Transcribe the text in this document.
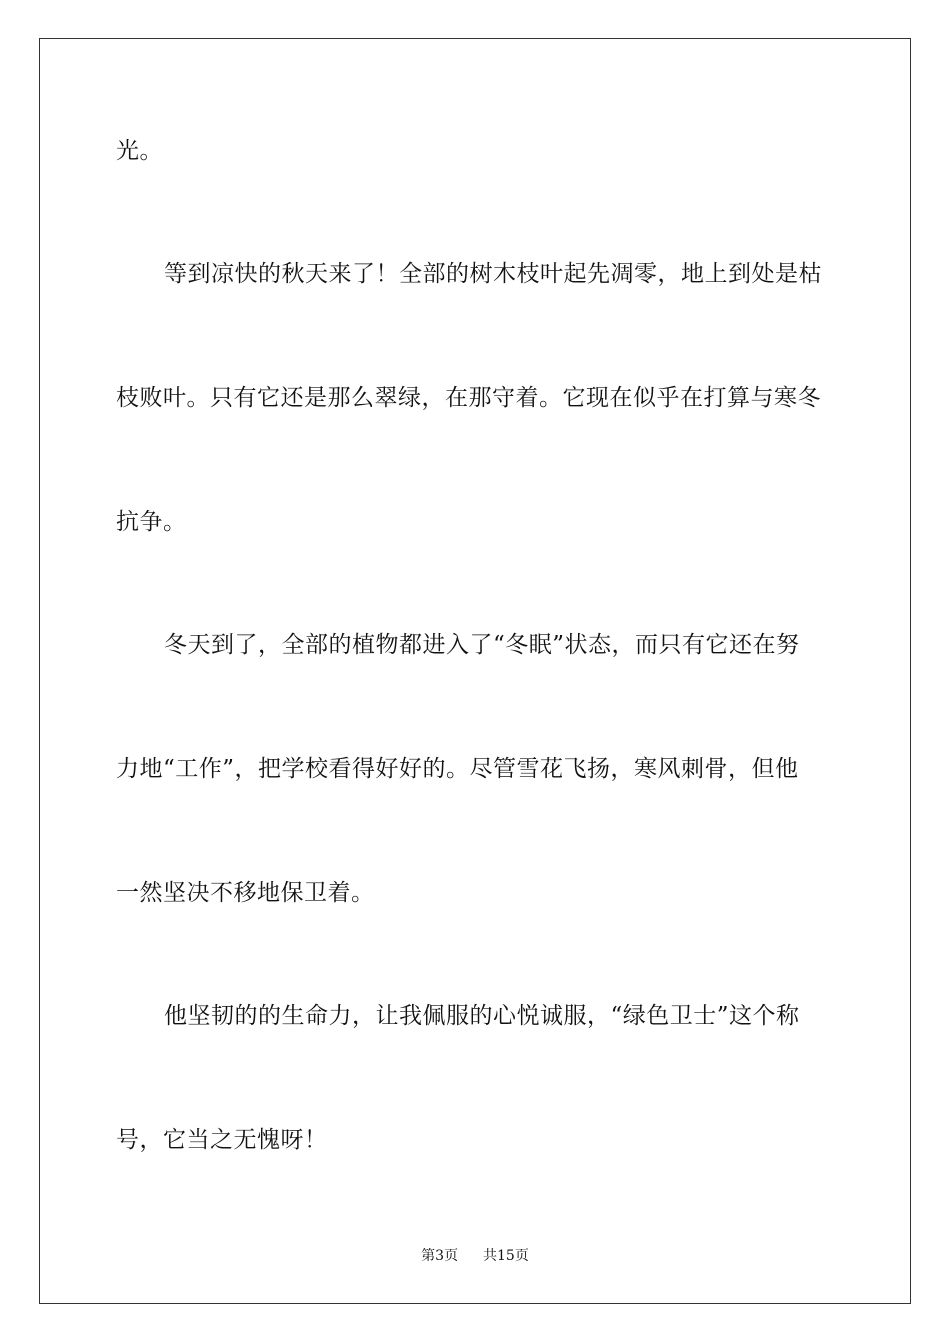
光。
等到凉快的秋天来了！全部的树木枝叶起先凋零，地上到处是枯
枝败叶。只有它还是那么翠绿，在那守着。它现在似乎在打算与寒冬
抗争。
冬天到了，全部的植物都进入了“冬眠”状态，而只有它还在努
力地“工作”，把学校看得好好的。尽管雪花飞扬，寒风刺骨，但他
一然坚决不移地保卫着。
他坚韧的的生命力，让我佩服的心悦诚服，“绿色卫士”这个称
号，它当之无愧呀！
第3页 共15页
